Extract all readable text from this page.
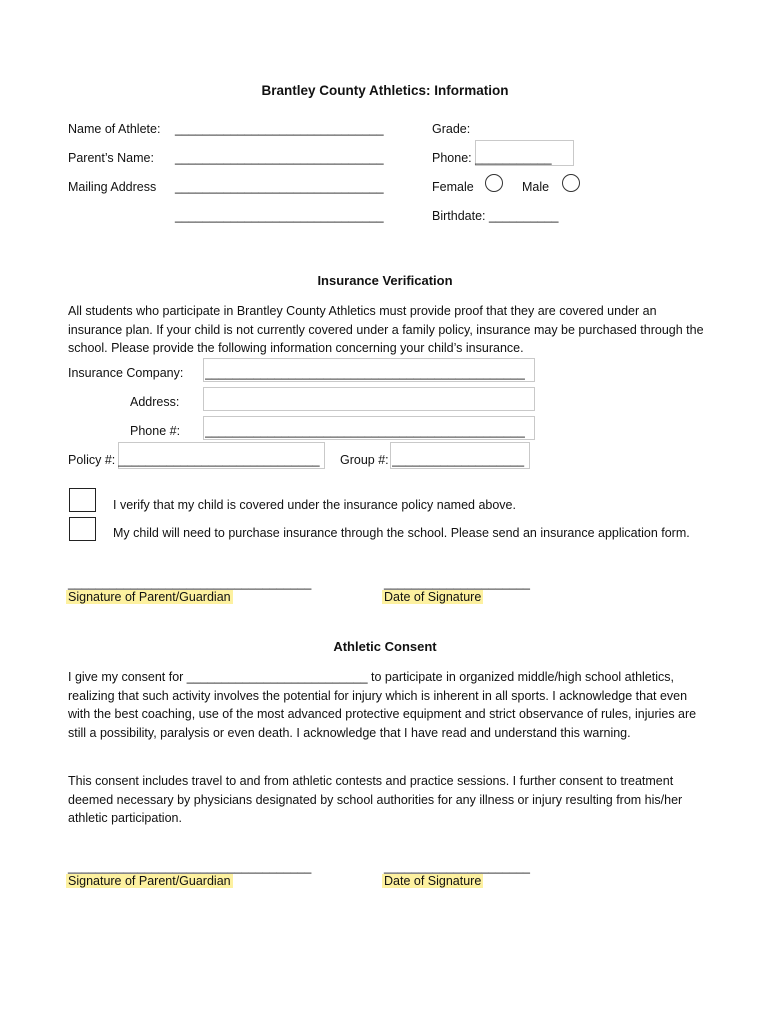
Brantley County Athletics: Information
Name of Athlete: ______________________________
Parent’s Name: ______________________________
Mailing Address ______________________________
______________________________
Grade:
Phone: ___________
Female	Male
Birthdate: __________
Insurance Verification
All students who participate in Brantley County Athletics must provide proof that they are covered under an insurance plan. If your child is not currently covered under a family policy, insurance may be purchased through the school. Please provide the following information concerning your child’s insurance.
Insurance Company: ______________________________________________
Address:
Phone #: ______________________________________________
Policy #: _____________________________	Group #: ___________________
I verify that my child is covered under the insurance policy named above.
My child will need to purchase insurance through the school. Please send an insurance application form.
___________________________________	_____________________
Signature of Parent/Guardian	Date of Signature
Athletic Consent
I give my consent for __________________________ to participate in organized middle/high school athletics, realizing that such activity involves the potential for injury which is inherent in all sports. I acknowledge that even with the best coaching, use of the most advanced protective equipment and strict observance of rules, injuries are still a possibility, paralysis or even death. I acknowledge that I have read and understand this warning.
This consent includes travel to and from athletic contests and practice sessions. I further consent to treatment deemed necessary by physicians designated by school authorities for any illness or injury resulting from his/her athletic participation.
___________________________________	_____________________
Signature of Parent/Guardian	Date of Signature
